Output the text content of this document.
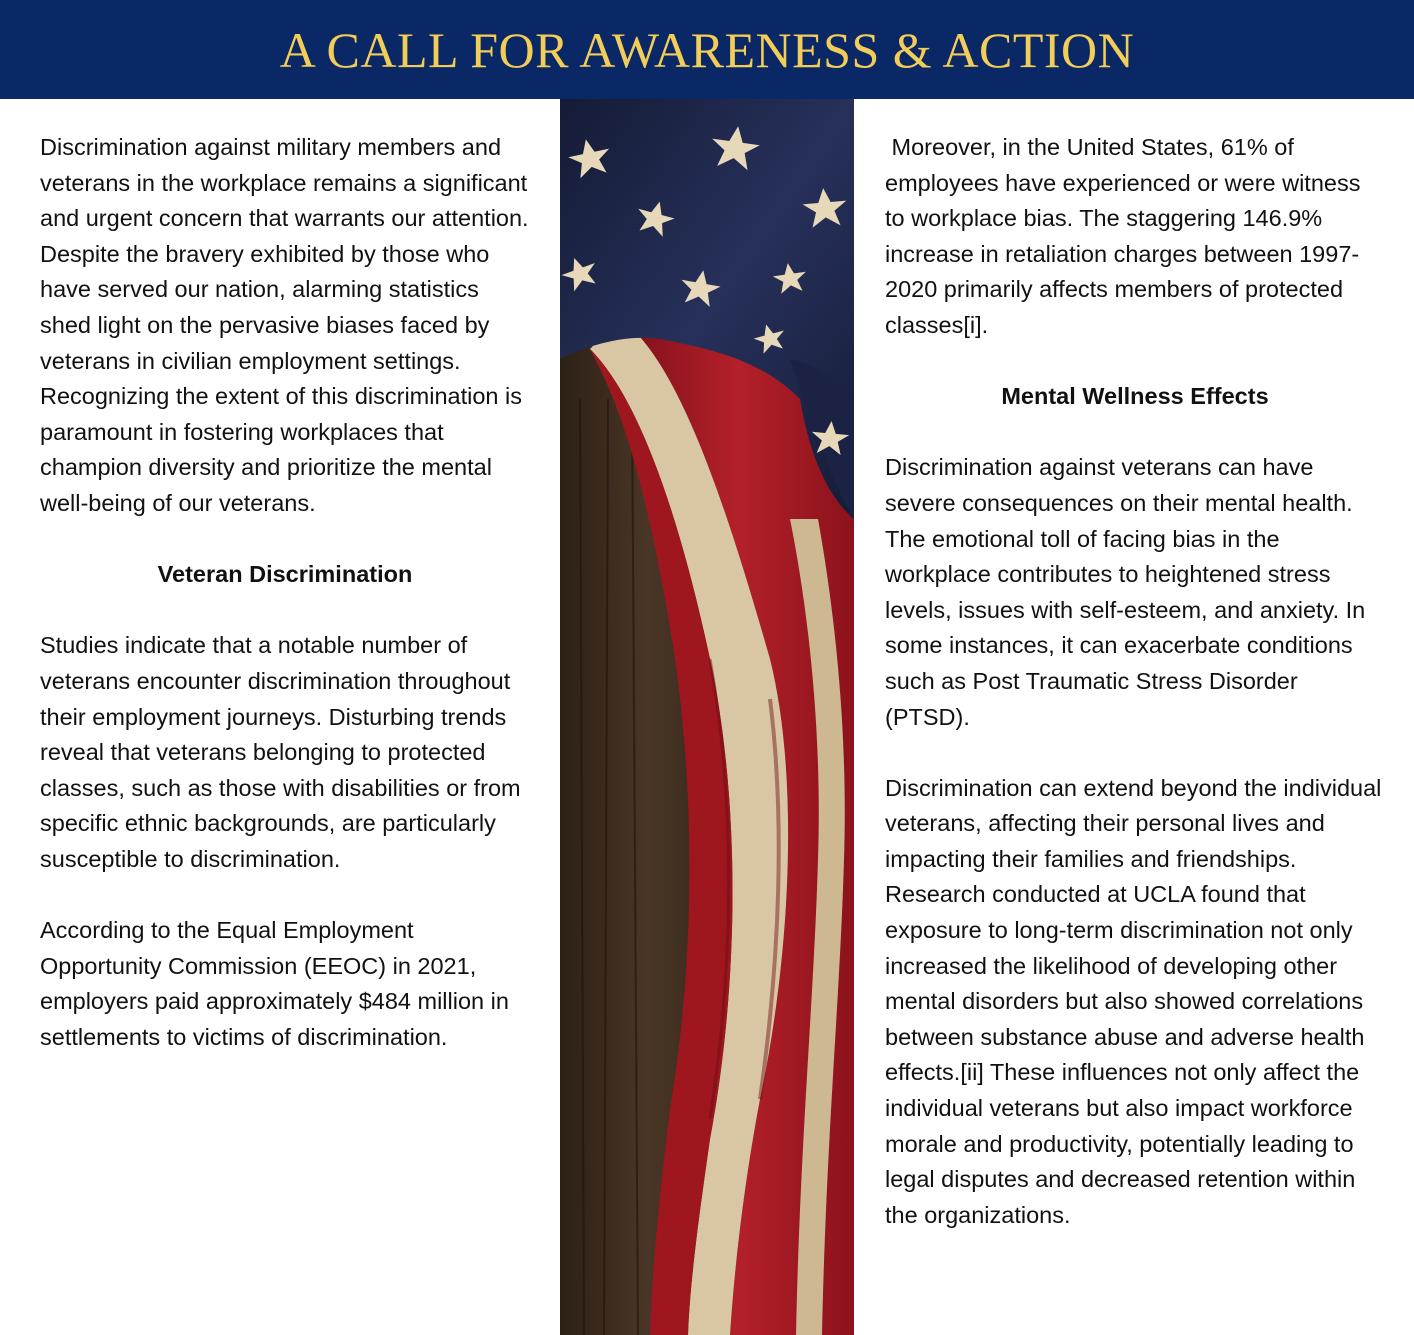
A CALL FOR AWARENESS & ACTION

Discrimination against military members and veterans in the workplace remains a significant and urgent concern that warrants our attention. Despite the bravery exhibited by those who have served our nation, alarming statistics shed light on the pervasive biases faced by veterans in civilian employment settings. Recognizing the extent of this discrimination is paramount in fostering workplaces that champion diversity and prioritize the mental well-being of our veterans.

Veteran Discrimination

Studies indicate that a notable number of veterans encounter discrimination throughout their employment journeys. Disturbing trends reveal that veterans belonging to protected classes, such as those with disabilities or from specific ethnic backgrounds, are particularly susceptible to discrimination.

According to the Equal Employment Opportunity Commission (EEOC) in 2021, employers paid approximately $484 million in settlements to victims of discrimination.

Moreover, in the United States, 61% of employees have experienced or were witness to workplace bias. The staggering 146.9% increase in retaliation charges between 1997-2020 primarily affects members of protected classes[i].

Mental Wellness Effects

Discrimination against veterans can have severe consequences on their mental health. The emotional toll of facing bias in the workplace contributes to heightened stress levels, issues with self-esteem, and anxiety. In some instances, it can exacerbate conditions such as Post Traumatic Stress Disorder (PTSD).

Discrimination can extend beyond the individual veterans, affecting their personal lives and impacting their families and friendships. Research conducted at UCLA found that exposure to long-term discrimination not only increased the likelihood of developing other mental disorders but also showed correlations between substance abuse and adverse health effects.[ii] These influences not only affect the individual veterans but also impact workforce morale and productivity, potentially leading to legal disputes and decreased retention within the organizations.
